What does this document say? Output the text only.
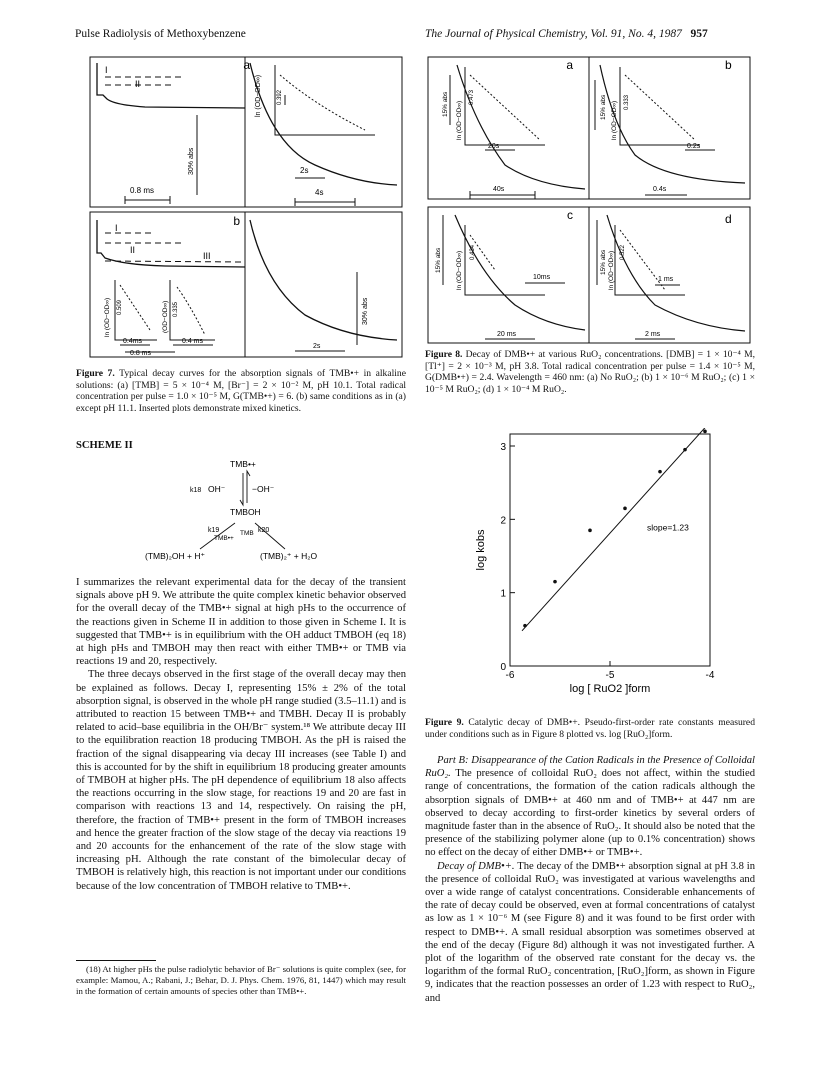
Pulse Radiolysis of Methoxybenzene	The Journal of Physical Chemistry, Vol. 91, No. 4, 1987 957
a
I
II	ln (OD−OD∞)	0.392
2s
30% abs
0.8 ms	4s
b
I
II
III
ln (OD−OD∞) 0.509
0.4ms
(OD−OD∞) 0.335
0.4 ms
0.8 ms
30% abs
2s
Figure 7. Typical decay curves for the absorption signals of TMB•+ in alkaline solutions: (a) [TMB] = 5 × 10⁻⁴ M, [Br⁻] = 2 × 10⁻² M, pH 10.1. Total radical concentration per pulse = 1.0 × 10⁻⁵ M, G(TMB•+) = 6. (b) same conditions as in (a) except pH 11.1. Inserted plots demonstrate mixed kinetics.
SCHEME II
TMB•+
k18 OH⁻	−OH⁻
TMBOH
k19
TMB•+
TMB k20
(TMB)₂OH + H⁺	(TMB)₂⁺ + H₂O

I summarizes the relevant experimental data for the decay of the transient signals above pH 9. We attribute the quite complex kinetic behavior observed for the overall decay of the TMB•+ signal at high pHs to the occurrence of the reactions given in Scheme II in addition to those given in Scheme I. It is suggested that TMB•+ is in equilibrium with the OH adduct TMBOH (eq 18) at high pHs and TMBOH may then react with either TMB•+ or TMB via reactions 19 and 20, respectively.

The three decays observed in the first stage of the overall decay may then be explained as follows. Decay I, representing 15% ± 2% of the total absorption signal, is observed in the whole pH range studied (3.5–11.1) and is attributed to reaction 15 between TMB•+ and TMBH. Decay II is probably related to acid–base equilibria in the OH/Br⁻ system.¹⁸ We attribute decay III to the equilibration reaction 18 producing TMBOH. As the pH is raised the fraction of the signal disappearing via decay III increases (see Table I) and this is accounted for by the shift in equilibrium 18 producing greater amounts of TMBOH at higher pHs. The pH dependence of equilibrium 18 also affects the reactions occurring in the slow stage, for reactions 19 and 20 are fast in comparison with reactions 13 and 14, respectively. On raising the pH, therefore, the fraction of TMB•+ present in the form of TMBOH increases and hence the greater fraction of the slow stage of the decay via reactions 19 and 20 accounts for the enhancement of the rate of the slow stage with increasing pH. Although the rate constant of the bimolecular decay of TMBOH is relatively high, this reaction is not important under our conditions because of the low concentration of TMBOH relative to TMB•+.

(18) At higher pHs the pulse radiolytic behavior of Br⁻ solutions is quite complex (see, for example: Mamou, A.; Rabani, J.; Behar, D. J. Phys. Chem. 1976, 81, 1447) which may result in the formation of certain amounts of species other than TMB•+.
a	b
c	d
15% abs ln (OD−OD∞)
0.473
20s
40s
15% abs ln (OD−OD∞) 0.333
0.2s
0.4s
15% abs ln (OD−OD∞) 0.434
10ms
20 ms
15% abs ln (OD−OD∞) 0.522
1 ms
2 ms
Figure 8. Decay of DMB•+ at various RuO₂ concentrations. [DMB] = 1 × 10⁻⁴ M, [Tl⁺] = 2 × 10⁻³ M, pH 3.8. Total radical concentration per pulse = 1.4 × 10⁻⁵ M, G(DMB•+) = 2.4. Wavelength = 460 nm: (a) No RuO₂; (b) 1 × 10⁻⁶ M RuO₂; (c) 1 × 10⁻⁵ M RuO₂; (d) 1 × 10⁻⁴ M RuO₂.
-6	-5	-4
0
1
2
3
slope=1.23
log [ RuO2 ]form
log kobs
Figure 9. Catalytic decay of DMB•+. Pseudo-first-order rate constants measured under conditions such as in Figure 8 plotted vs. log [RuO₂]form.

Part B: Disappearance of the Cation Radicals in the Presence of Colloidal RuO₂. The presence of colloidal RuO₂ does not affect, within the studied range of concentrations, the formation of the cation radicals although the absorption signals of DMB•+ at 460 nm and of TMB•+ at 447 nm are observed to decay according to first-order kinetics by several orders of magnitude faster than in the absence of RuO₂. It should also be noted that the presence of the stabilizing polymer alone (up to 0.1% concentration) shows no effect on the decay of either DMB•+ or TMB•+.

Decay of DMB•+. The decay of the DMB•+ absorption signal at pH 3.8 in the presence of colloidal RuO₂ was investigated at various wavelengths and over a wide range of catalyst concentrations. Considerable enhancements of the rate of decay could be observed, even at formal concentrations of catalyst as low as 1 × 10⁻⁶ M (see Figure 8) and it was found to be first order with respect to DMB•+. A small residual absorption was sometimes observed at the end of the decay (Figure 8d) although it was not investigated further. A plot of the logarithm of the observed rate constant for the decay vs. the logarithm of the formal RuO₂ concentration, [RuO₂]form, as shown in Figure 9, indicates that the reaction possesses an order of 1.23 with respect to RuO₂, and
